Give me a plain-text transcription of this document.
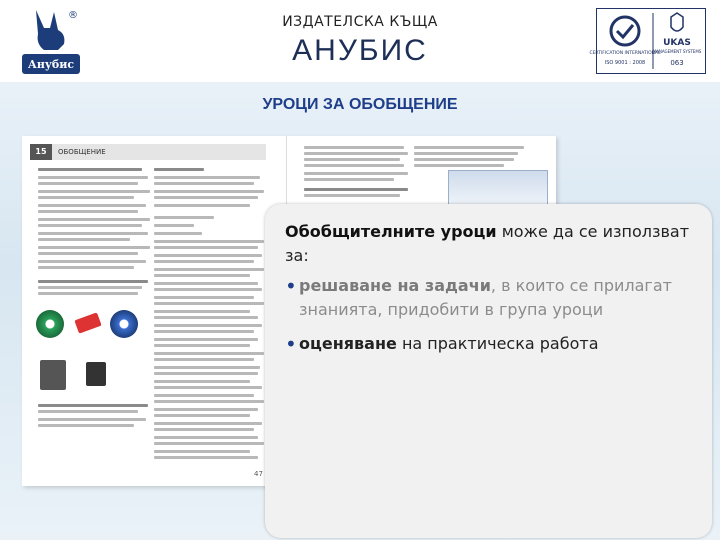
Анубис
®	ИЗДАТЕЛСКА КЪЩА
АНУБИС	CERTIFICATION INTERNATIONAL
ISO 9001 : 2008
UKAS
MANAGEMENT SYSTEMS
063
УРОЦИ ЗА ОБОБЩЕНИЕ
ОБОБЩЕНИЕ
15
47
Обобщителните уроци може да се използват за:
• решаване на задачи, в които се прилагат знанията, придобити в група уроци
• оценяване на практическа работа
